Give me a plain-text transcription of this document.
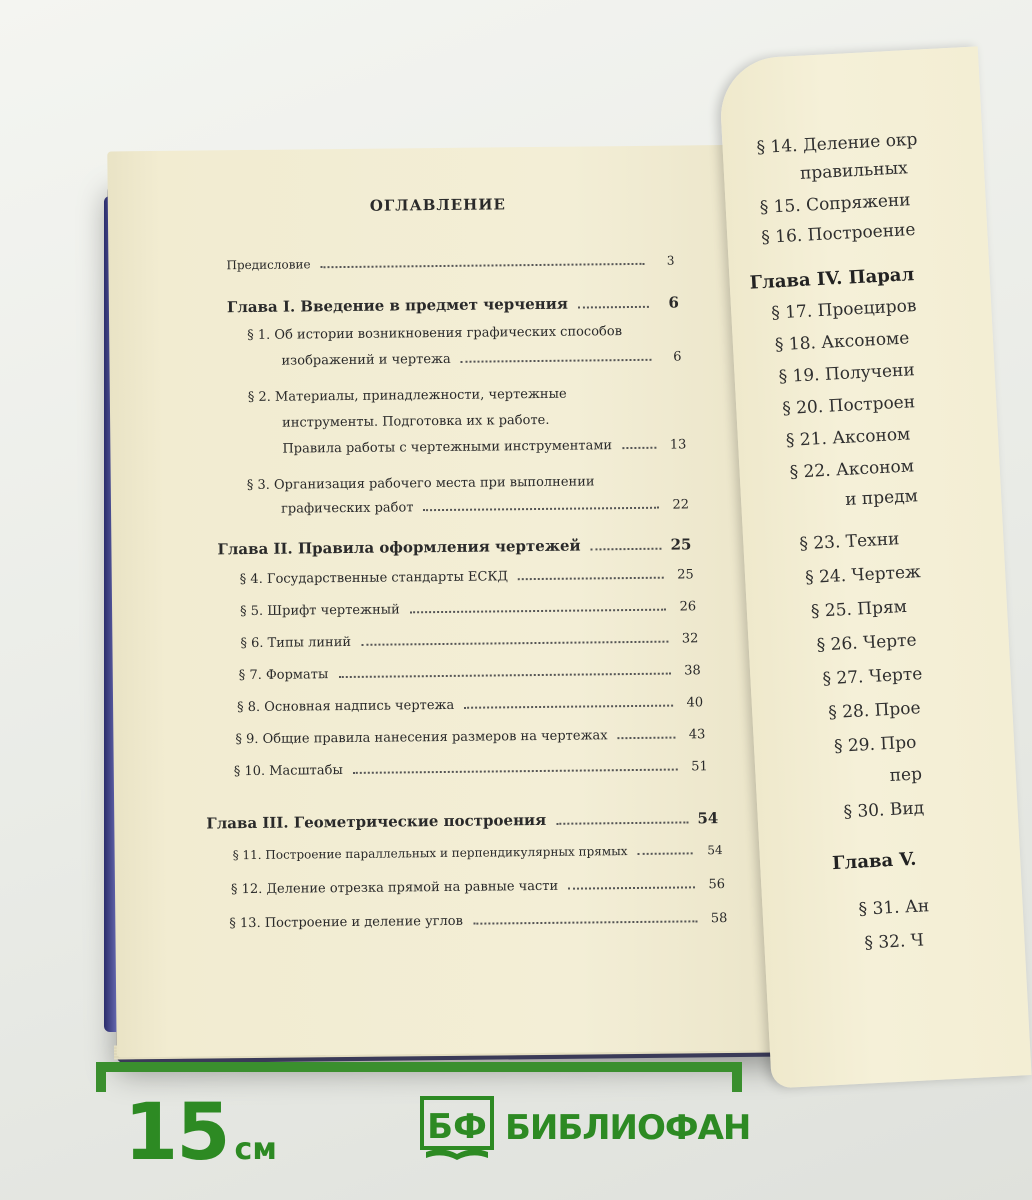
ОГЛАВЛЕНИЕ
Предисловие	3
Глава I. Введение в предмет черчения	6
§ 1. Об истории возникновения графических способов
изображений и чертежа	6
§ 2. Материалы, принадлежности, чертежные
инструменты. Подготовка их к работе.
Правила работы с чертежными инструментами	13
§ 3. Организация рабочего места при выполнении
графических работ	22
Глава II. Правила оформления чертежей	25
§ 4. Государственные стандарты ЕСКД	25
§ 5. Шрифт чертежный	26
§ 6. Типы линий	32
§ 7. Форматы	38
§ 8. Основная надпись чертежа	40
§ 9. Общие правила нанесения размеров на чертежах	43
§ 10. Масштабы	51
Глава III. Геометрические построения	54
§ 11. Построение параллельных и перпендикулярных прямых	54
§ 12. Деление отрезка прямой на равные части	56
§ 13. Построение и деление углов	58
§ 14. Деление окр
правильных
§ 15. Сопряжени
§ 16. Построение
Глава IV. Парал
§ 17. Проециров
§ 18. Аксономе
§ 19. Получени
§ 20. Построен
§ 21. Аксоном
§ 22. Аксоном
и предм
§ 23. Техни
§ 24. Чертеж
§ 25. Прям
§ 26. Черте
§ 27. Черте
§ 28. Прое
§ 29. Про
пер
§ 30. Вид
Глава V.
§ 31. Ан
§ 32. Ч
15 см
БФ БИБЛИОФАН
